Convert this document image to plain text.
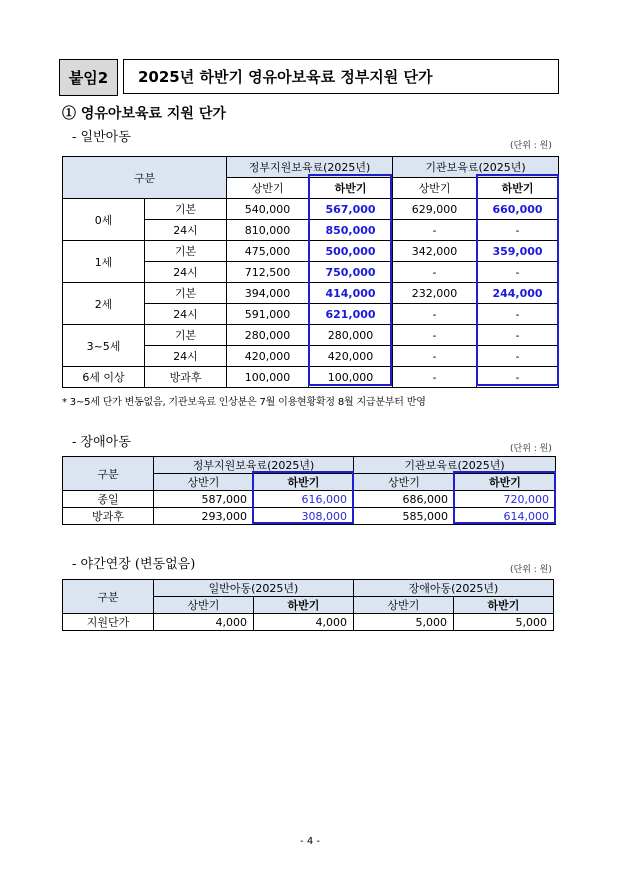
붙임2	2025년 하반기 영유아보육료 정부지원 단가
① 영유아보육료 지원 단가
- 일반아동
(단위 : 원)
구분		정부지원보육료(2025년)		기관보육료(2025년)	
		상반기	하반기	상반기	하반기
0세	기본	540,000	567,000	629,000	660,000
	24시	810,000	850,000	-	-
1세	기본	475,000	500,000	342,000	359,000
	24시	712,500	750,000	-	-
2세	기본	394,000	414,000	232,000	244,000
	24시	591,000	621,000	-	-
3~5세	기본	280,000	280,000	-	-
	24시	420,000	420,000	-	-
6세 이상	방과후	100,000	100,000	-	-
* 3~5세 단가 변동없음, 기관보육료 인상분은 7월 이용현황확정 8월 지급분부터 반영
- 장애아동	(단위 : 원)
구분	정부지원보육료(2025년)		기관보육료(2025년)	
	상반기	하반기	상반기	하반기
종일	587,000	616,000	686,000	720,000
방과후	293,000	308,000	585,000	614,000
- 야간연장 (변동없음)	(단위 : 원)
구분	일반아동(2025년)		장애아동(2025년)	
	상반기	하반기	상반기	하반기
지원단가	4,000	4,000	5,000	5,000
- 4 -
